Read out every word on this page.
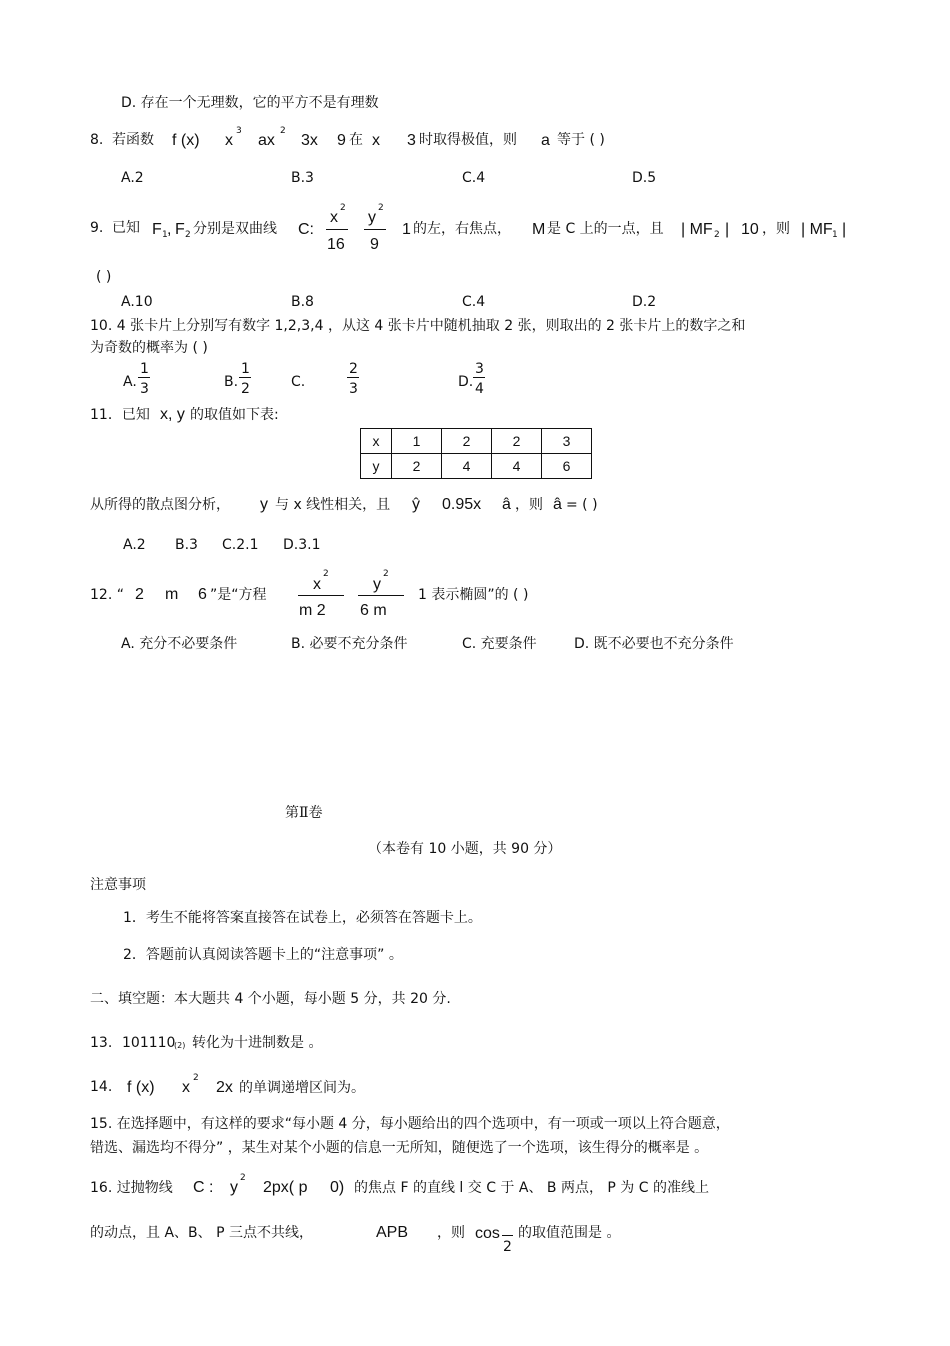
D. 存在一个无理数，它的平方不是有理数
8. 若函数 f (x) x
3
ax
2
3x 9 在 x 3 时取得极值，则 a 等于 ( )
A.2	B.3	C.4	D.5
9. 已知 F 1 , F 2 分别是双曲线 C:
x
2
16
y
2
9
1 的左，右焦点， M 是 C 上的一点，且 | MF 2 | 10 ，则 | MF 1 |
( )
A.10	B.8	C.4	D.2
10. 4 张卡片上分别写有数字 1,2,3,4 ，从这 4 张卡片中随机抽取 2 张，则取出的 2 张卡片上的数字之和
为奇数的概率为 ( )
A.
1
3	B.
1
2	C.
2
3	D.
3
4
11．已知 x, y 的取值如下表:
x	1	2	2	3
y	2	4	4	6
从所得的散点图分析， y 与 x 线性相关，且 ŷ 0.95x â ，则 â = ( )
A.2 B.3 C.2.1 D.3.1
12. “ 2 m 6 ”是“方程
x
2
m 2
y
2
6 m
1 表示椭圆”的 ( )
A. 充分不必要条件	B. 必要不充分条件	C. 充要条件	D. 既不必要也不充分条件
第Ⅱ卷
（本卷有 10 小题，共 90 分）
注意事项
1．考生不能将答案直接答在试卷上，必须答在答题卡上。
2．答题前认真阅读答题卡上的“注意事项” 。
二、填空题：本大题共 4 个小题，每小题 5 分，共 20 分.
13. 101110
(2) 转化为十进制数是 。
14. f (x) x
2
2x 的单调递增区间为。
15. 在选择题中，有这样的要求“每小题 4 分，每小题给出的四个选项中，有一项或一项以上符合题意，
错选、漏选均不得分” ，某生对某个小题的信息一无所知，随便选了一个选项，该生得分的概率是 。
16. 过抛物线 C : y
2
2px( p 0) 的焦点 F 的直线 l 交 C 于 A、 B 两点， P 为 C 的准线上
的动点，且 A、B、 P 三点不共线，	APB ，则 cos
2
的取值范围是 。
